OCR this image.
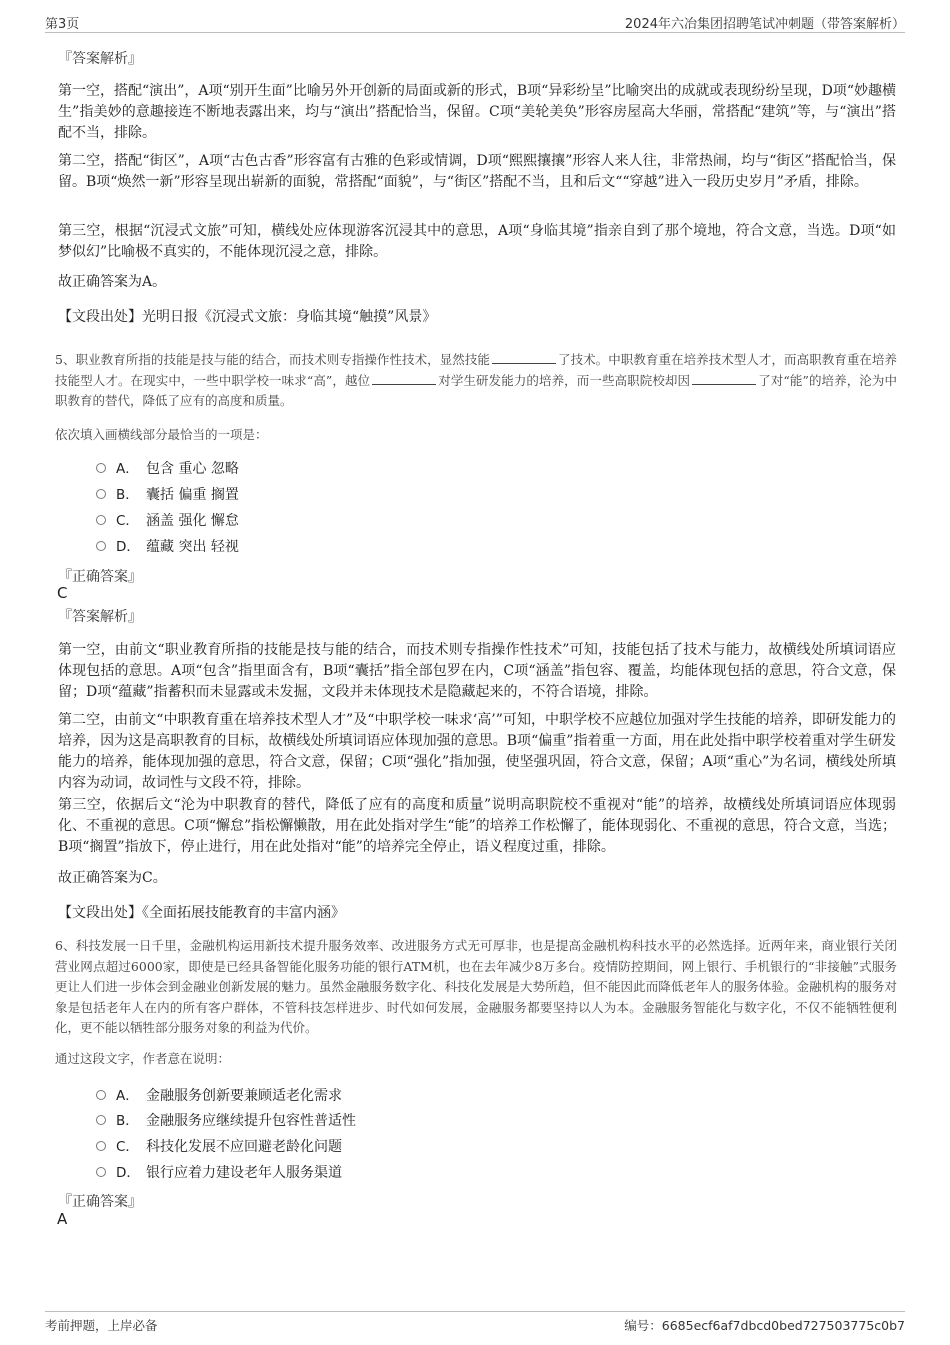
第3页	2024年六冶集团招聘笔试冲刺题（带答案解析）
『答案解析』
第一空，搭配“演出”，A项“别开生面”比喻另外开创新的局面或新的形式，B项“异彩纷呈”比喻突出的成就或表现纷纷呈现，D项“妙趣横生”指美妙的意趣接连不断地表露出来，均与“演出”搭配恰当，保留。C项“美轮美奂”形容房屋高大华丽，常搭配“建筑”等，与“演出”搭配不当，排除。
第二空，搭配“街区”，A项“古色古香”形容富有古雅的色彩或情调，D项“熙熙攘攘”形容人来人往，非常热闹，均与“街区”搭配恰当，保留。B项“焕然一新”形容呈现出崭新的面貌，常搭配“面貌”，与“街区”搭配不当，且和后文““穿越”进入一段历史岁月”矛盾，排除。
第三空，根据“沉浸式文旅”可知，横线处应体现游客沉浸其中的意思，A项“身临其境”指亲自到了那个境地，符合文意，当选。D项“如梦似幻”比喻极不真实的，不能体现沉浸之意，排除。
故正确答案为A。
【文段出处】光明日报《沉浸式文旅：身临其境“触摸”风景》
5、职业教育所指的技能是技与能的结合，而技术则专指操作性技术，显然技能	了技术。中职教育重在培养技术型人才，而高职教育重在培养技能型人才。在现实中，一些中职学校一味求“高”，越位	对学生研发能力的培养，而一些高职院校却因	了对“能”的培养，沦为中职教育的替代，降低了应有的高度和质量。
依次填入画横线部分最恰当的一项是：
A． 包含 重心 忽略
B． 囊括 偏重 搁置
C． 涵盖 强化 懈怠
D． 蕴藏 突出 轻视
『正确答案』
C
『答案解析』
第一空，由前文“职业教育所指的技能是技与能的结合，而技术则专指操作性技术”可知，技能包括了技术与能力，故横线处所填词语应体现包括的意思。A项“包含”指里面含有，B项“囊括”指全部包罗在内，C项“涵盖”指包容、覆盖，均能体现包括的意思，符合文意，保留；D项“蕴藏”指蓄积而未显露或未发掘，文段并未体现技术是隐藏起来的，不符合语境，排除。
第二空，由前文“中职教育重在培养技术型人才”及“中职学校一味求‘高’”可知，中职学校不应越位加强对学生技能的培养，即研发能力的培养，因为这是高职教育的目标，故横线处所填词语应体现加强的意思。B项“偏重”指着重一方面，用在此处指中职学校着重对学生研发能力的培养，能体现加强的意思，符合文意，保留；C项“强化”指加强，使坚强巩固，符合文意，保留；A项“重心”为名词，横线处所填内容为动词，故词性与文段不符，排除。
第三空，依据后文“沦为中职教育的替代，降低了应有的高度和质量”说明高职院校不重视对“能”的培养，故横线处所填词语应体现弱化、不重视的意思。C项“懈怠”指松懈懒散，用在此处指对学生“能”的培养工作松懈了，能体现弱化、不重视的意思，符合文意，当选；B项“搁置”指放下，停止进行，用在此处指对“能”的培养完全停止，语义程度过重，排除。
故正确答案为C。
【文段出处】《全面拓展技能教育的丰富内涵》
6、科技发展一日千里，金融机构运用新技术提升服务效率、改进服务方式无可厚非，也是提高金融机构科技水平的必然选择。近两年来，商业银行关闭营业网点超过6000家，即使是已经具备智能化服务功能的银行ATM机，也在去年减少8万多台。疫情防控期间，网上银行、手机银行的“非接触”式服务更让人们进一步体会到金融业创新发展的魅力。虽然金融服务数字化、科技化发展是大势所趋，但不能因此而降低老年人的服务体验。金融机构的服务对象是包括老年人在内的所有客户群体，不管科技怎样进步、时代如何发展，金融服务都要坚持以人为本。金融服务智能化与数字化，不仅不能牺牲便利化，更不能以牺牲部分服务对象的利益为代价。
通过这段文字，作者意在说明：
A． 金融服务创新要兼顾适老化需求
B． 金融服务应继续提升包容性普适性
C． 科技化发展不应回避老龄化问题
D． 银行应着力建设老年人服务渠道
『正确答案』
A
考前押题，上岸必备	编号：6685ecf6af7dbcd0bed727503775c0b7
